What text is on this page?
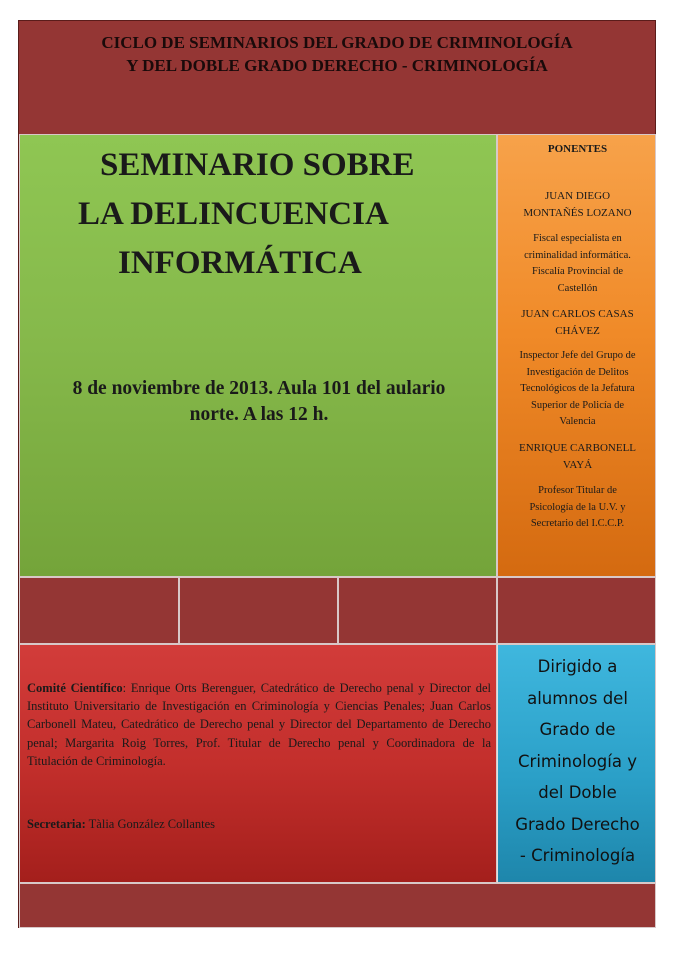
CICLO DE SEMINARIOS DEL GRADO DE CRIMINOLOGÍA
Y DEL DOBLE GRADO DERECHO - CRIMINOLOGÍA
SEMINARIO SOBRE
LA DELINCUENCIA
INFORMÁTICA
8 de noviembre de 2013. Aula 101 del aulario
norte. A las 12 h.
PONENTES
JUAN DIEGO
MONTAÑÉS LOZANO
Fiscal especialista en
criminalidad informática.
Fiscalía Provincial de
Castellón
JUAN CARLOS CASAS
CHÁVEZ
Inspector Jefe del Grupo de
Investigación de Delitos
Tecnológicos de la Jefatura
Superior de Policía de
Valencia
ENRIQUE CARBONELL
VAYÁ
Profesor Titular de
Psicología de la U.V. y
Secretario del I.C.C.P.
Comité Científico: Enrique Orts Berenguer, Catedrático de Derecho penal y Director del Instituto Universitario de Investigación en Criminología y Ciencias Penales; Juan Carlos Carbonell Mateu, Catedrático de Derecho penal y Director del Departamento de Derecho penal; Margarita Roig Torres, Prof. Titular de Derecho penal y Coordinadora de la Titulación de Criminología.
Secretaria: Tàlia González Collantes
Dirigido a
alumnos del
Grado de
Criminología y
del Doble
Grado Derecho
- Criminología
